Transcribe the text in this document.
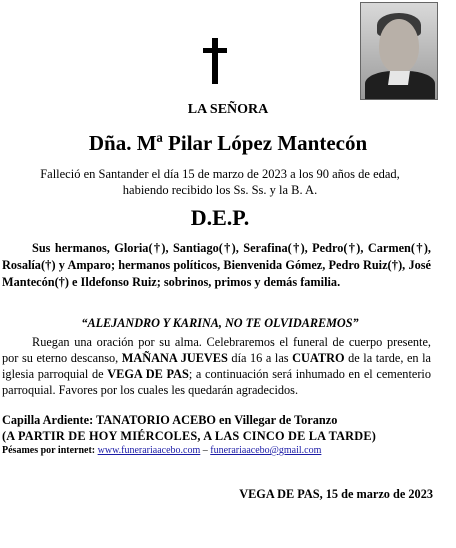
LA SEÑORA
Dña. Mª Pilar López Mantecón
Falleció en Santander el día 15 de marzo de 2023 a los 90 años de edad,
habiendo recibido los Ss. Ss. y la B. A.
D.E.P.

Sus hermanos, Gloria(†), Santiago(†), Serafina(†), Pedro(†), Carmen(†), Rosalía(†) y Amparo; hermanos políticos, Bienvenida Gómez, Pedro Ruiz(†), José Mantecón(†) e Ildefonso Ruiz; sobrinos, primos y demás familia.

“ALEJANDRO Y KARINA, NO TE OLVIDAREMOS”

Ruegan una oración por su alma. Celebraremos el funeral de cuerpo presente, por su eterno descanso, MAÑANA JUEVES día 16 a las CUATRO de la tarde, en la iglesia parroquial de VEGA DE PAS; a continuación será inhumado en el cementerio parroquial. Favores por los cuales les quedarán agradecidos.

Capilla Ardiente: TANATORIO ACEBO en Villegar de Toranzo
(A PARTIR DE HOY MIÉRCOLES, A LAS CINCO DE LA TARDE)
Pésames por internet: www.funerariaacebo.com – funerariaacebo@gmail.com
VEGA DE PAS, 15 de marzo de 2023
